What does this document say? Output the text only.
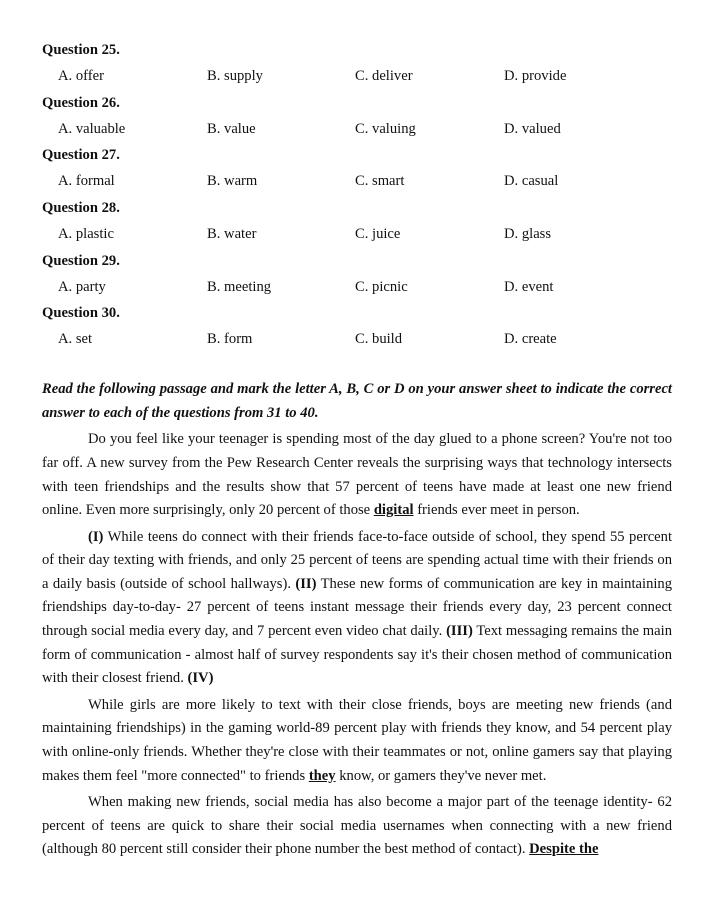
Question 25.
A. offer	B. supply	C. deliver	D. provide
Question 26.
A. valuable	B. value	C. valuing	D. valued
Question 27.
A. formal	B. warm	C. smart	D. casual
Question 28.
A. plastic	B. water	C. juice	D. glass
Question 29.
A. party	B. meeting	C. picnic	D. event
Question 30.
A. set	B. form	C. build	D. create
Read the following passage and mark the letter A, B, C or D on your answer sheet to indicate the correct answer to each of the questions from 31 to 40.

Do you feel like your teenager is spending most of the day glued to a phone screen? You're not too far off. A new survey from the Pew Research Center reveals the surprising ways that technology intersects with teen friendships and the results show that 57 percent of teens have made at least one new friend online. Even more surprisingly, only 20 percent of those digital friends ever meet in person.

(I) While teens do connect with their friends face-to-face outside of school, they spend 55 percent of their day texting with friends, and only 25 percent of teens are spending actual time with their friends on a daily basis (outside of school hallways). (II) These new forms of communication are key in maintaining friendships day-to-day- 27 percent of teens instant message their friends every day, 23 percent connect through social media every day, and 7 percent even video chat daily. (III) Text messaging remains the main form of communication - almost half of survey respondents say it's their chosen method of communication with their closest friend. (IV)

While girls are more likely to text with their close friends, boys are meeting new friends (and maintaining friendships) in the gaming world-89 percent play with friends they know, and 54 percent play with online-only friends. Whether they're close with their teammates or not, online gamers say that playing makes them feel "more connected" to friends they know, or gamers they've never met.

When making new friends, social media has also become a major part of the teenage identity- 62 percent of teens are quick to share their social media usernames when connecting with a new friend (although 80 percent still consider their phone number the best method of contact). Despite the
